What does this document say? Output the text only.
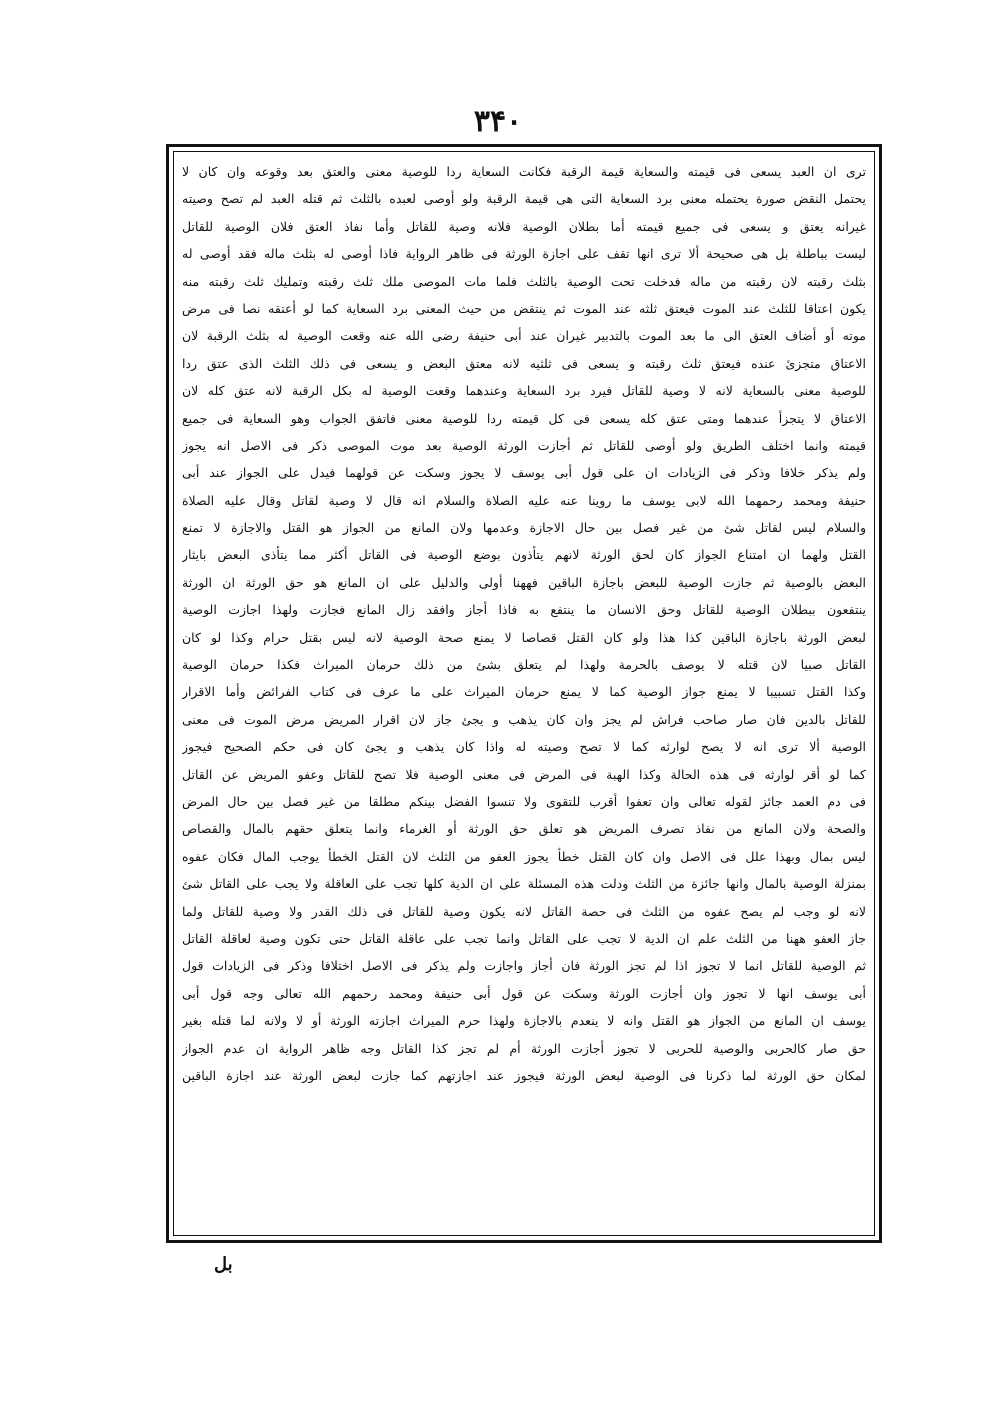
۳۴۰
ترى ان العبد يسعى فى قيمته والسعاية قيمة الرقبة فكانت السعاية ردا للوصية معنى والعتق بعد وقوعه وان كان لا
يحتمل النقض صورة يحتمله معنى برد السعاية التى هى قيمة الرقبة ولو أوصى لعبده بالثلث ثم قتله العبد لم تصح وصيته
غيرانه يعتق و يسعى فى جميع قيمته أما بطلان الوصية فلانه وصية للقاتل وأما نفاذ العتق فلان الوصية للقاتل
ليست بباطلة بل هى صحيحة ألا ترى انها تقف على اجازة الورثة فى ظاهر الرواية فاذا أوصى له بثلث ماله فقد أوصى له
بثلث رقبته لان رقبته من ماله فدخلت تحت الوصية بالثلث فلما مات الموصى ملك ثلث رقبته وتمليك ثلث رقبته منه
يكون اعتاقا للثلث عند الموت فيعتق ثلثه عند الموت ثم ينتقض من حيث المعنى برد السعاية كما لو أعتقه نصا فى مرض
موته أو أضاف العتق الى ما بعد الموت بالتدبير غيران عند أبى حنيفة رضى الله عنه وقعت الوصية له بثلث الرقبة لان
الاعتاق متجزئ عنده فيعتق ثلث رقبته و يسعى فى ثلثيه لانه معتق البعض و يسعى فى ذلك الثلث الذى عتق ردا
للوصية معنى بالسعاية لانه لا وصية للقاتل فيرد برد السعاية وعندهما وقعت الوصية له بكل الرقبة لانه عتق كله لان
الاعتاق لا يتجزأ عندهما ومتى عتق كله يسعى فى كل قيمته ردا للوصية معنى فاتفق الجواب وهو السعاية فى جميع
قيمته وانما اختلف الطريق ولو أوصى للقاتل ثم أجازت الورثة الوصية بعد موت الموصى ذكر فى الاصل انه يجوز
ولم يذكر خلافا وذكر فى الزيادات ان على قول أبى يوسف لا يجوز وسكت عن قولهما فيدل على الجواز عند أبى
حنيفة ومحمد رحمهما الله لابى يوسف ما روينا عنه عليه الصلاة والسلام انه قال لا وصية لقاتل وقال عليه الصلاة
والسلام ليس لقاتل شئ من غير فصل بين حال الاجازة وعدمها ولان المانع من الجواز هو القتل والاجازة لا تمنع
القتل ولهما ان امتناع الجواز كان لحق الورثة لانهم يتأذون بوضع الوصية فى القاتل أكثر مما يتأذى البعض بايثار
البعض بالوصية ثم جازت الوصية للبعض باجازة الباقين فههنا أولى والدليل على ان المانع هو حق الورثة ان الورثة
ينتفعون ببطلان الوصية للقاتل وحق الانسان ما ينتفع به فاذا أجاز وافقد زال المانع فجازت ولهذا اجازت الوصية
لبعض الورثة باجازة الباقين كذا هذا ولو كان القتل قصاصا لا يمنع صحة الوصية لانه ليس بقتل حرام وكذا لو كان
القاتل صبيا لان قتله لا يوصف بالحرمة ولهذا لم يتعلق بشئ من ذلك حرمان الميراث فكذا حرمان الوصية
وكذا القتل تسبيبا لا يمنع جواز الوصية كما لا يمنع حرمان الميراث على ما عرف فى كتاب الفرائض وأما الاقرار
للقاتل بالدين فان صار صاحب فراش لم يجز وان كان يذهب و يجئ جاز لان اقرار المريض مرض الموت فى معنى
الوصية ألا ترى انه لا يصح لوارثه كما لا تصح وصيته له واذا كان يذهب و يجئ كان فى حكم الصحيح فيجوز
كما لو أقر لوارثه فى هذه الحالة وكذا الهبة فى المرض فى معنى الوصية فلا تصح للقاتل وعفو المريض عن القاتل
فى دم العمد جائز لقوله تعالى وان تعفوا أقرب للتقوى ولا تنسوا الفضل بينكم مطلقا من غير فصل بين حال المرض
والصحة ولان المانع من نفاذ تصرف المريض هو تعلق حق الورثة أو الغرماء وانما يتعلق حقهم بالمال والقصاص
ليس بمال وبهذا علل فى الاصل وان كان القتل خطأ يجوز العفو من الثلث لان القتل الخطأ يوجب المال فكان عفوه
بمنزلة الوصية بالمال وانها جائزة من الثلث ودلت هذه المسئلة على ان الدية كلها تجب على العاقلة ولا يجب على القاتل شئ
لانه لو وجب لم يصح عفوه من الثلث فى حصة القاتل لانه يكون وصية للقاتل فى ذلك القدر ولا وصية للقاتل ولما
جاز العفو ههنا من الثلث علم ان الدية لا تجب على القاتل وانما تجب على عاقلة القاتل حتى تكون وصية لعاقلة القاتل
ثم الوصية للقاتل انما لا تجوز اذا لم تجز الورثة فان أجاز واجازت ولم يذكر فى الاصل اختلافا وذكر فى الزيادات قول
أبى يوسف انها لا تجوز وان أجازت الورثة وسكت عن قول أبى حنيفة ومحمد رحمهم الله تعالى وجه قول أبى
يوسف ان المانع من الجواز هو القتل وانه لا ينعدم بالاجازة ولهذا حرم الميراث اجازته الورثة أو لا ولانه لما قتله بغير
حق صار كالحربى والوصية للحربى لا تجوز أجازت الورثة أم لم تجز كذا القاتل وجه ظاهر الرواية ان عدم الجواز
لمكان حق الورثة لما ذكرنا فى الوصية لبعض الورثة فيجوز عند اجازتهم كما جازت لبعض الورثة عند اجازة الباقين
بل
